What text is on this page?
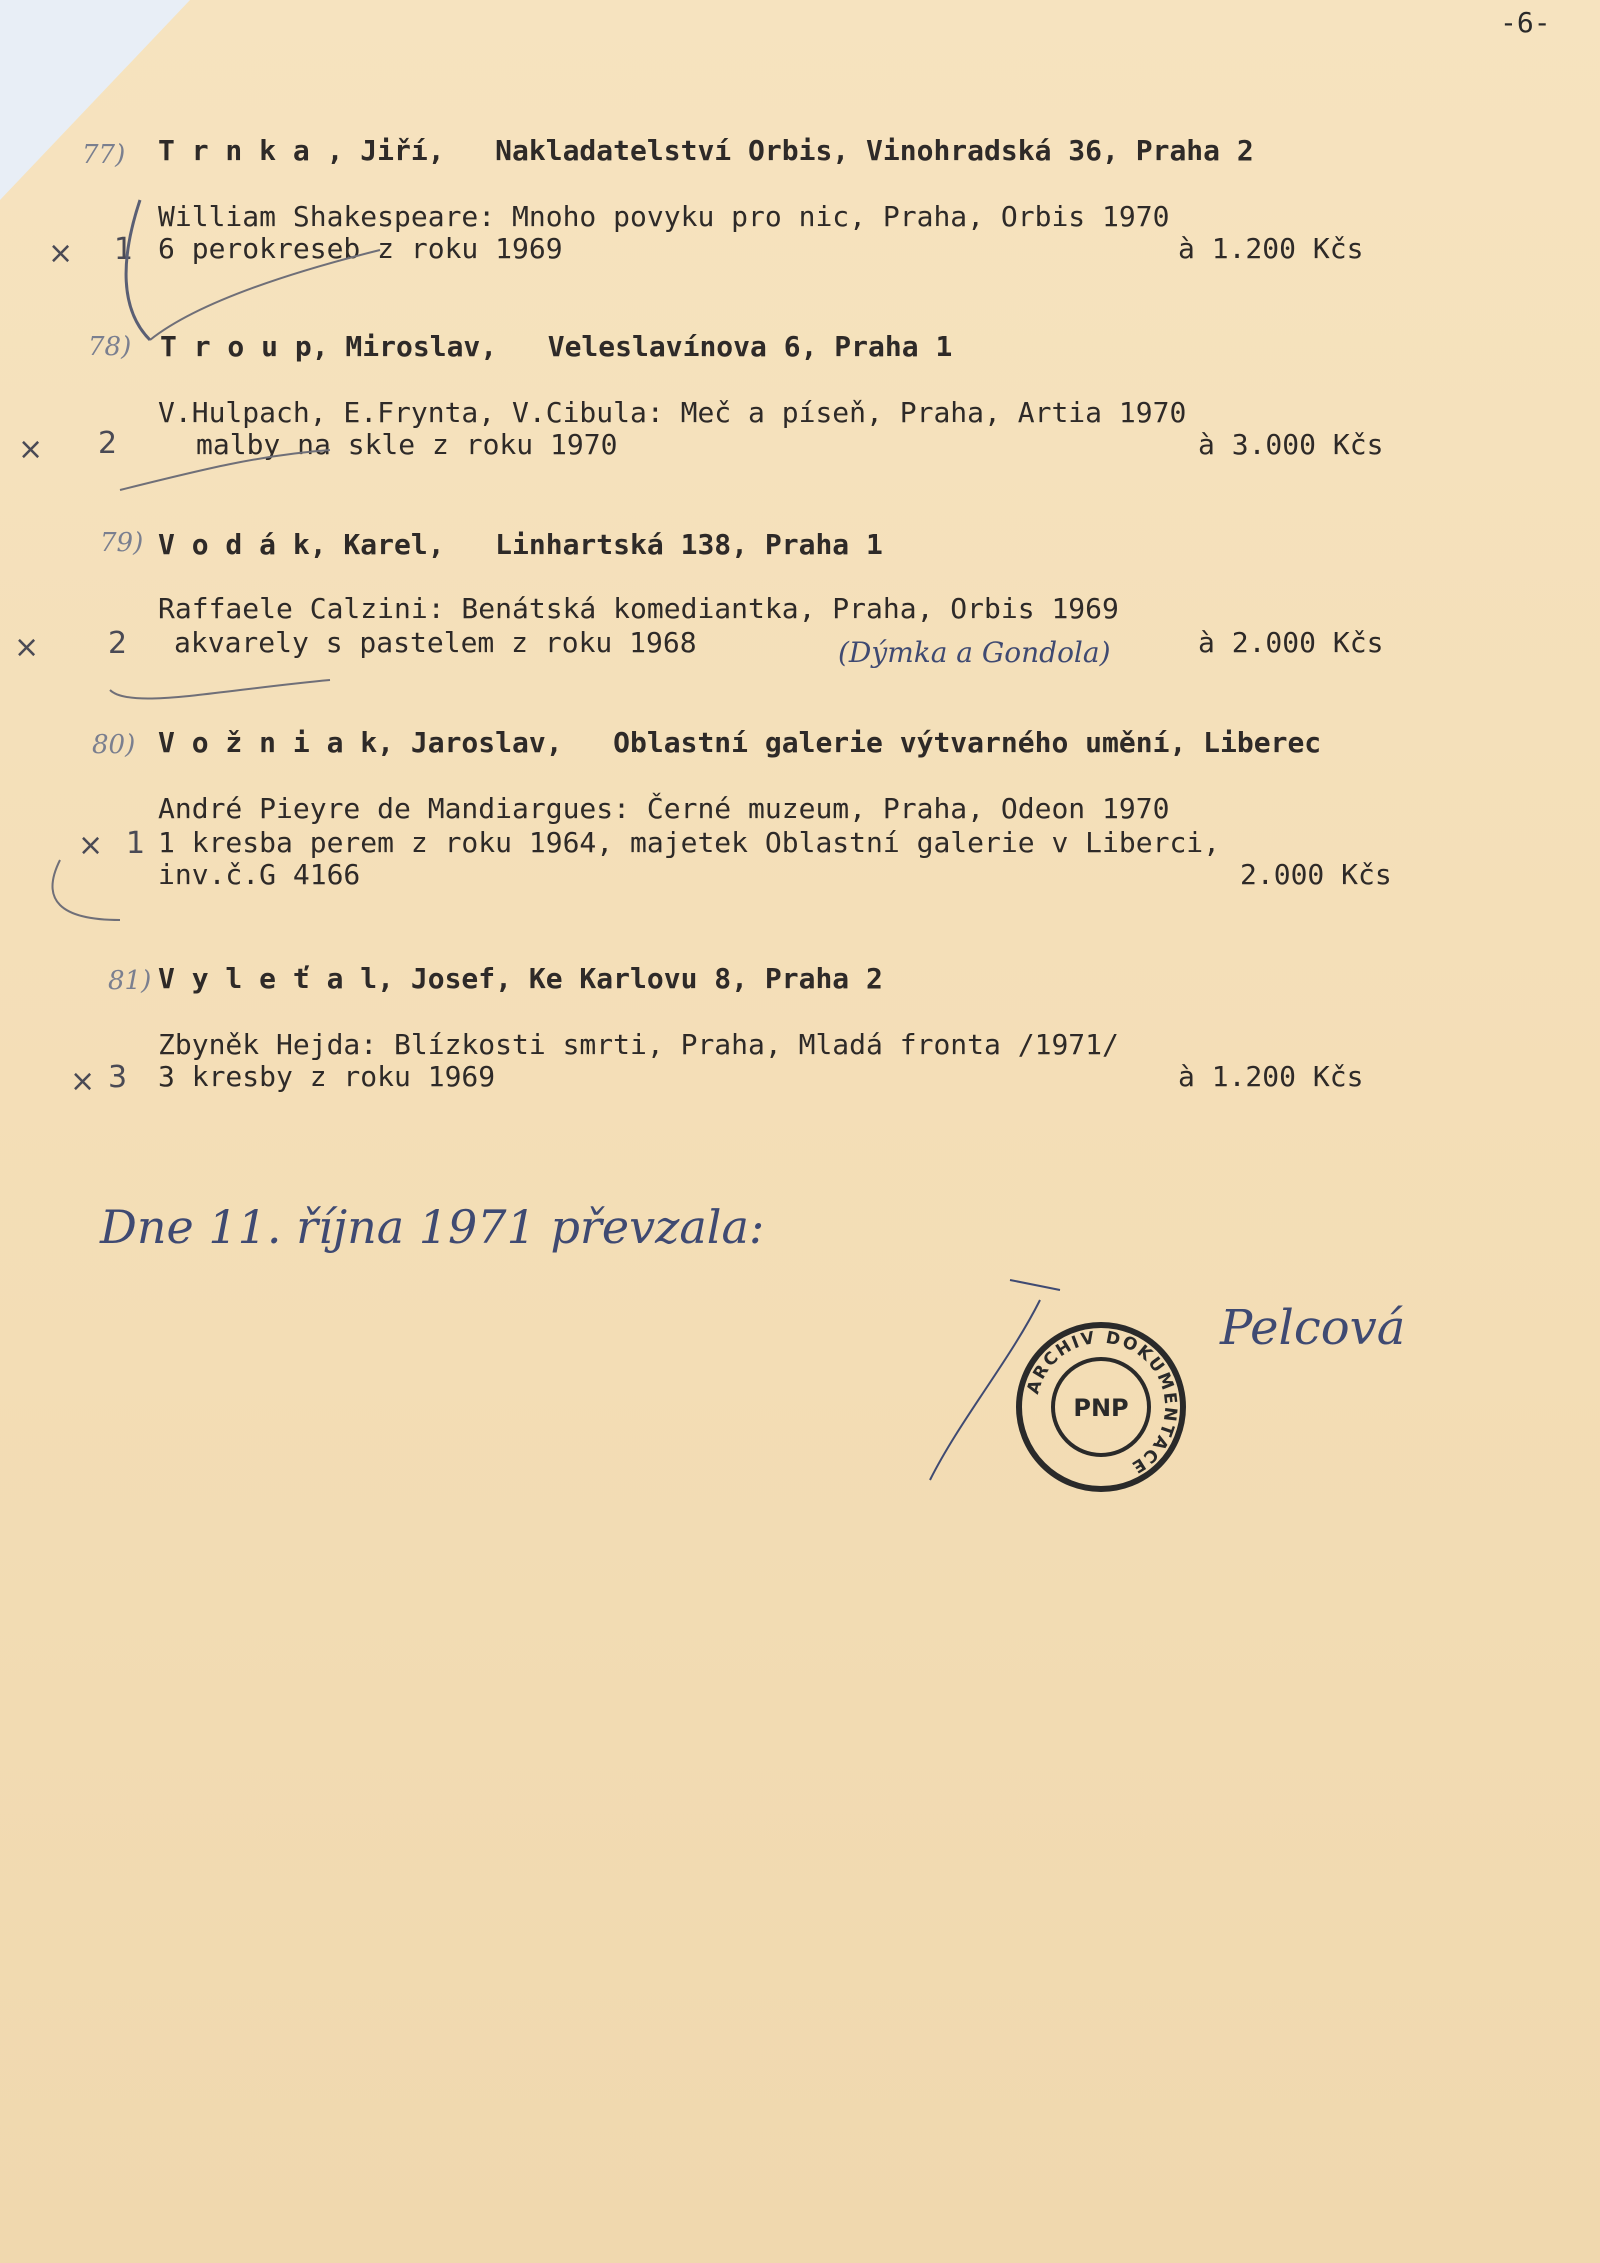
-6-
77) T r n k a , Jiří,   Nakladatelství Orbis, Vinohradská 36, Praha 2
William Shakespeare: Mnoho povyku pro nic, Praha, Orbis 1970
× 1 6 perokreseb z roku 1969	à 1.200 Kčs
78) T r o u p, Miroslav,   Veleslavínova 6, Praha 1
V.Hulpach, E.Frynta, V.Cibula: Meč a píseň, Praha, Artia 1970
× 2	malby na skle z roku 1970	à 3.000 Kčs
79) V o d á k, Karel,   Linhartská 138, Praha 1
Raffaele Calzini: Benátská komediantka, Praha, Orbis 1969
× 2 akvarely s pastelem z roku 1968	(Dýmka a Gondola)	à 2.000 Kčs
80) V o ž n i a k, Jaroslav,   Oblastní galerie výtvarného umění, Liberec
André Pieyre de Mandiargues: Černé muzeum, Praha, Odeon 1970
× 1 1 kresba perem z roku 1964, majetek Oblastní galerie v Liberci,
inv.č.G 4166	2.000 Kčs
81) V y l e ť a l, Josef, Ke Karlovu 8, Praha 2
Zbyněk Hejda: Blízkosti smrti, Praha, Mladá fronta /1971/
× 3 3 kresby z roku 1969	à 1.200 Kčs
Dne 11. října 1971 převzala:
Pelcová
ARCHIV DOKUMENTACE
PNP
